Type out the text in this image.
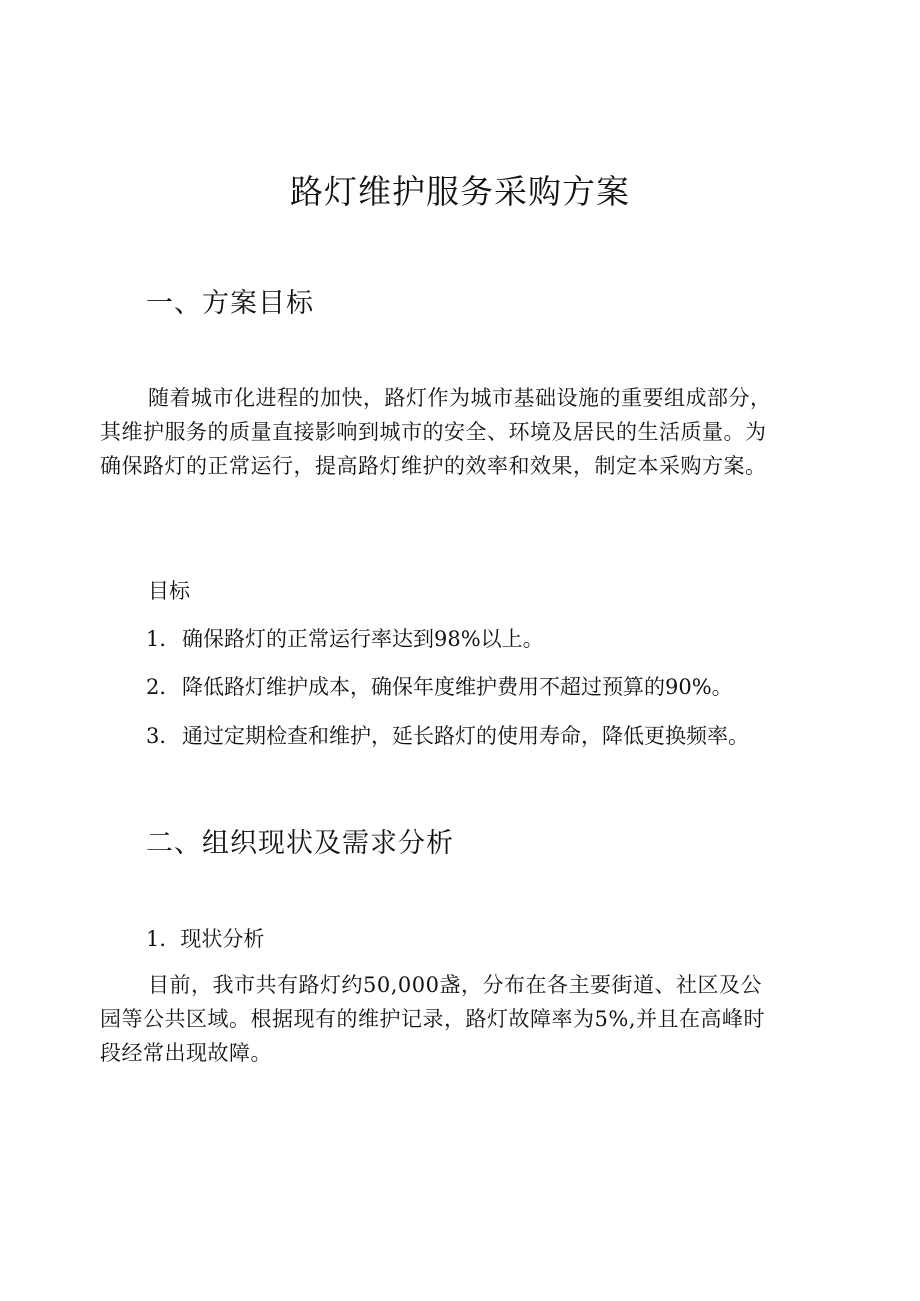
路灯维护服务采购方案
一、方案目标

随着城市化进程的加快，路灯作为城市基础设施的重要组成部分，
其维护服务的质量直接影响到城市的安全、环境及居民的生活质量。为
确保路灯的正常运行，提高路灯维护的效率和效果，制定本采购方案。

目标

1．确保路灯的正常运行率达到98%以上。

2．降低路灯维护成本，确保年度维护费用不超过预算的90%。

3．通过定期检查和维护，延长路灯的使用寿命，降低更换频率。

二、组织现状及需求分析

1．现状分析

目前，我市共有路灯约50,000盏，分布在各主要街道、社区及公
园等公共区域。根据现有的维护记录，路灯故障率为5%,并且在高峰时
段经常出现故障。
